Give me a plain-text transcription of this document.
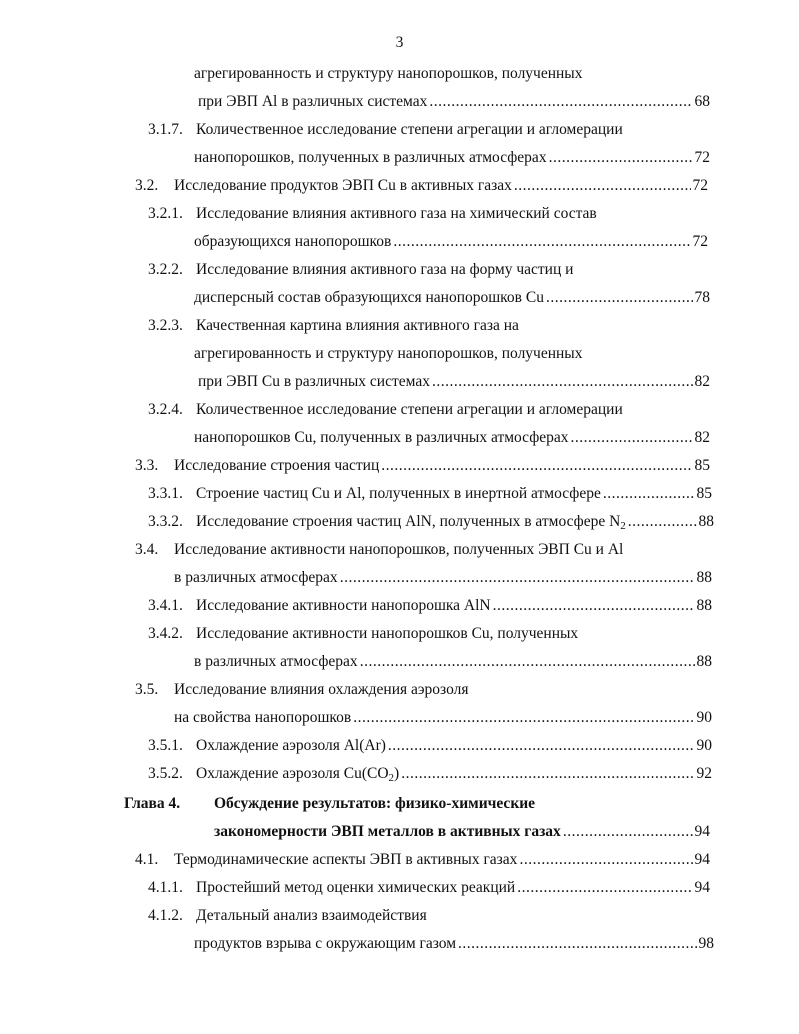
3
агрегированность и структуру нанопорошков, полученных
при ЭВП Al в различных системах .....	68
3.1.7. Количественное исследование степени агрегации и агломерации
нанопорошков, полученных в различных атмосферах .....	72
3.2. Исследование продуктов ЭВП Cu в активных газах .....	72
3.2.1. Исследование влияния активного газа на химический состав
образующихся нанопорошков .....	72
3.2.2. Исследование влияния активного газа на форму частиц и
дисперсный состав образующихся нанопорошков Cu .....	78
3.2.3. Качественная картина влияния активного газа на
агрегированность и структуру нанопорошков, полученных
при ЭВП Cu в различных системах .....	82
3.2.4. Количественное исследование степени агрегации и агломерации
нанопорошков Cu, полученных в различных атмосферах .....	82
3.3. Исследование строения частиц .....	85
3.3.1. Строение частиц Cu и Al, полученных в инертной атмосфере .....	85
3.3.2. Исследование строения частиц AlN, полученных в атмосфере $N_2$ .....	88
3.4. Исследование активности нанопорошков, полученных ЭВП Cu и Al
в различных атмосферах .....	88
3.4.1. Исследование активности нанопорошка AlN .....	88
3.4.2. Исследование активности нанопорошков Cu, полученных
в различных атмосферах .....	88
3.5. Исследование влияния охлаждения аэрозоля
на свойства нанопорошков .....	90
3.5.1. Охлаждение аэрозоля Al(Ar) .....	90
3.5.2. Охлаждение аэрозоля $Cu(CO_2)$ .....	92
Глава 4. Обсуждение результатов: физико-химические
закономерности ЭВП металлов в активных газах .....	94
4.1. Термодинамические аспекты ЭВП в активных газах .....	94
4.1.1. Простейший метод оценки химических реакций .....	94
4.1.2. Детальный анализ взаимодействия
продуктов взрыва с окружающим газом .....	98
